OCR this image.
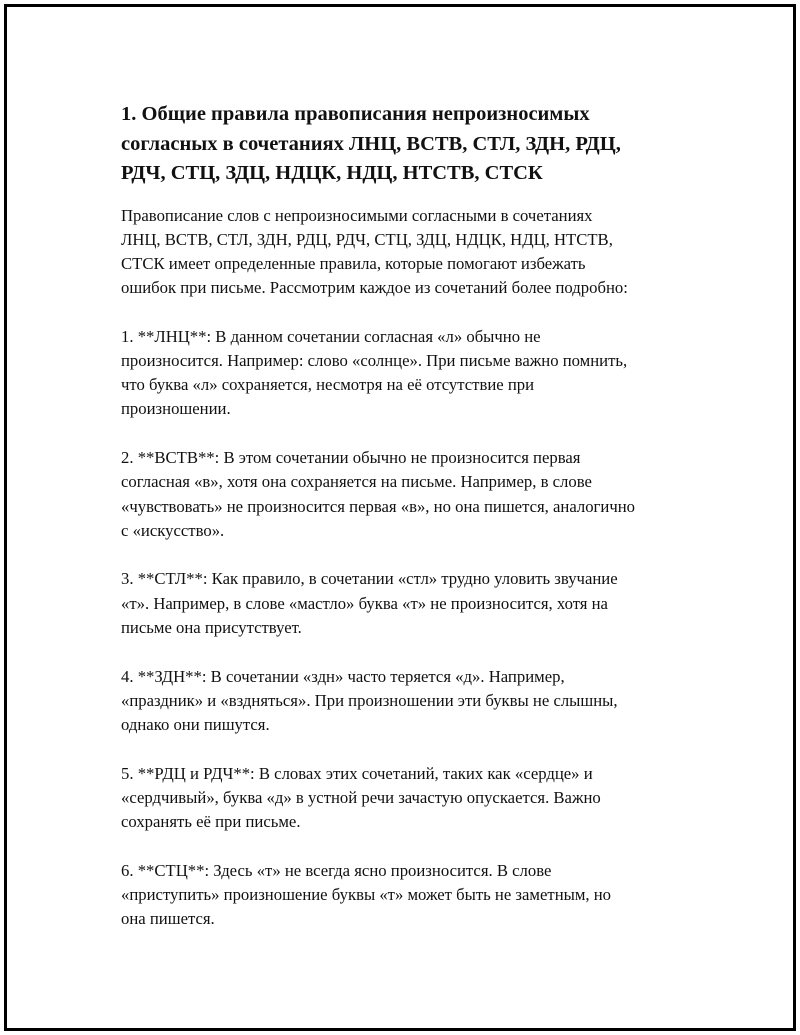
1. Общие правила правописания непроизносимых
согласных в сочетаниях ЛНЦ, ВСТВ, СТЛ, ЗДН, РДЦ,
РДЧ, СТЦ, ЗДЦ, НДЦК, НДЦ, НТСТВ, СТСК
Правописание слов с непроизносимыми согласными в сочетаниях
ЛНЦ, ВСТВ, СТЛ, ЗДН, РДЦ, РДЧ, СТЦ, ЗДЦ, НДЦК, НДЦ, НТСТВ,
СТСК имеет определенные правила, которые помогают избежать
ошибок при письме. Рассмотрим каждое из сочетаний более подробно:
1. **ЛНЦ**: В данном сочетании согласная «л» обычно не
произносится. Например: слово «солнце». При письме важно помнить,
что буква «л» сохраняется, несмотря на её отсутствие при
произношении.
2. **ВСТВ**: В этом сочетании обычно не произносится первая
согласная «в», хотя она сохраняется на письме. Например, в слове
«чувствовать» не произносится первая «в», но она пишется, аналогично
с «искусство».
3. **СТЛ**: Как правило, в сочетании «стл» трудно уловить звучание
«т». Например, в слове «мастло» буква «т» не произносится, хотя на
письме она присутствует.
4. **ЗДН**: В сочетании «здн» часто теряется «д». Например,
«праздник» и «вздняться». При произношении эти буквы не слышны,
однако они пишутся.
5. **РДЦ и РДЧ**: В словах этих сочетаний, таких как «сердце» и
«сердчивый», буква «д» в устной речи зачастую опускается. Важно
сохранять её при письме.
6. **СТЦ**: Здесь «т» не всегда ясно произносится. В слове
«приступить» произношение буквы «т» может быть не заметным, но
она пишется.
